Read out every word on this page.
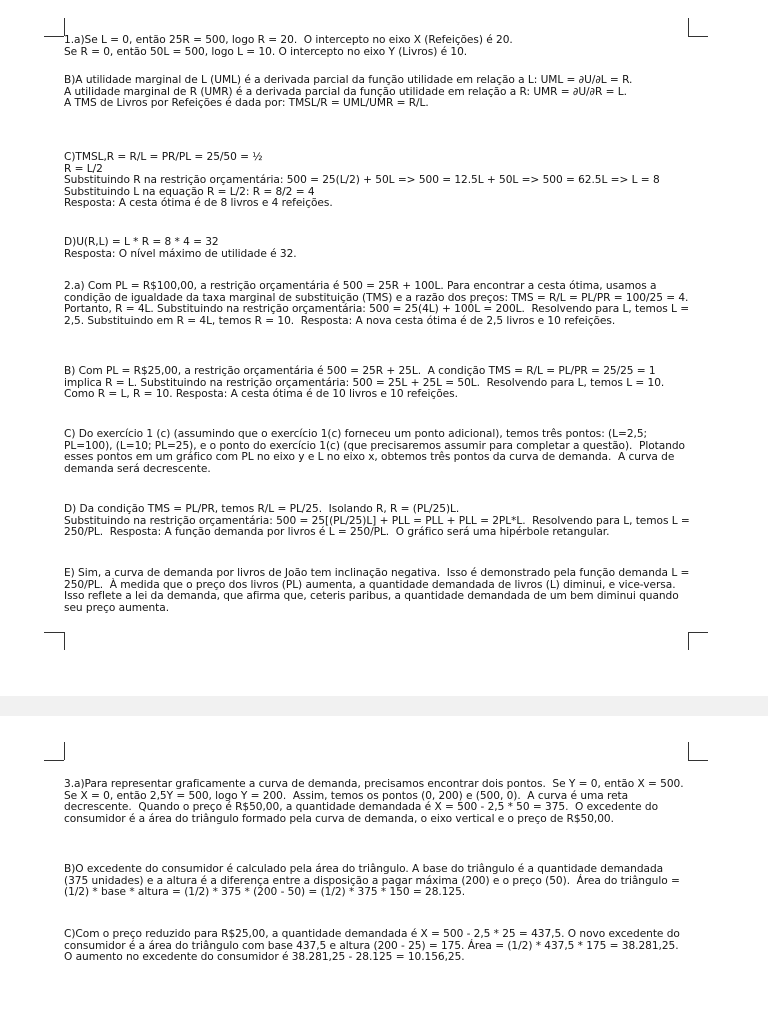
1.a)Se L = 0, então 25R = 500, logo R = 20.  O intercepto no eixo X (Refeições) é 20.
Se R = 0, então 50L = 500, logo L = 10. O intercepto no eixo Y (Livros) é 10.
B)A utilidade marginal de L (UML) é a derivada parcial da função utilidade em relação a L: UML = ∂U/∂L = R.
A utilidade marginal de R (UMR) é a derivada parcial da função utilidade em relação a R: UMR = ∂U/∂R = L.
A TMS de Livros por Refeições é dada por: TMSL/R = UML/UMR = R/L.
C)TMSL,R = R/L = PR/PL = 25/50 = ½
R = L/2
Substituindo R na restrição orçamentária: 500 = 25(L/2) + 50L => 500 = 12.5L + 50L => 500 = 62.5L => L = 8
Substituindo L na equação R = L/2: R = 8/2 = 4
Resposta: A cesta ótima é de 8 livros e 4 refeições.
D)U(R,L) = L * R = 8 * 4 = 32
Resposta: O nível máximo de utilidade é 32.
2.a) Com PL = R$100,00, a restrição orçamentária é 500 = 25R + 100L. Para encontrar a cesta ótima, usamos a condição de igualdade da taxa marginal de substituição (TMS) e a razão dos preços: TMS = R/L = PL/PR = 100/25 = 4.  Portanto, R = 4L. Substituindo na restrição orçamentária: 500 = 25(4L) + 100L = 200L.  Resolvendo para L, temos L = 2,5. Substituindo em R = 4L, temos R = 10.  Resposta: A nova cesta ótima é de 2,5 livros e 10 refeições.
B) Com PL = R$25,00, a restrição orçamentária é 500 = 25R + 25L.  A condição TMS = R/L = PL/PR = 25/25 = 1 implica R = L. Substituindo na restrição orçamentária: 500 = 25L + 25L = 50L.  Resolvendo para L, temos L = 10.  Como R = L, R = 10. Resposta: A cesta ótima é de 10 livros e 10 refeições.
C) Do exercício 1 (c) (assumindo que o exercício 1(c) forneceu um ponto adicional), temos três pontos: (L=2,5; PL=100), (L=10; PL=25), e o ponto do exercício 1(c) (que precisaremos assumir para completar a questão).  Plotando esses pontos em um gráfico com PL no eixo y e L no eixo x, obtemos três pontos da curva de demanda.  A curva de demanda será decrescente.
D) Da condição TMS = PL/PR, temos R/L = PL/25.  Isolando R, R = (PL/25)L.
Substituindo na restrição orçamentária: 500 = 25[(PL/25)L] + PLL = PLL + PLL = 2PL*L.  Resolvendo para L, temos L = 250/PL.  Resposta: A função demanda por livros é L = 250/PL.  O gráfico será uma hipérbole retangular.
E) Sim, a curva de demanda por livros de João tem inclinação negativa.  Isso é demonstrado pela função demanda L = 250/PL.  À medida que o preço dos livros (PL) aumenta, a quantidade demandada de livros (L) diminui, e vice-versa.  Isso reflete a lei da demanda, que afirma que, ceteris paribus, a quantidade demandada de um bem diminui quando seu preço aumenta.
3.a)Para representar graficamente a curva de demanda, precisamos encontrar dois pontos.  Se Y = 0, então X = 500. Se X = 0, então 2,5Y = 500, logo Y = 200.  Assim, temos os pontos (0, 200) e (500, 0).  A curva é uma reta decrescente.  Quando o preço é R$50,00, a quantidade demandada é X = 500 - 2,5 * 50 = 375.  O excedente do consumidor é a área do triângulo formado pela curva de demanda, o eixo vertical e o preço de R$50,00.
B)O excedente do consumidor é calculado pela área do triângulo. A base do triângulo é a quantidade demandada (375 unidades) e a altura é a diferença entre a disposição a pagar máxima (200) e o preço (50).  Área do triângulo = (1/2) * base * altura = (1/2) * 375 * (200 - 50) = (1/2) * 375 * 150 = 28.125.
C)Com o preço reduzido para R$25,00, a quantidade demandada é X = 500 - 2,5 * 25 = 437,5. O novo excedente do consumidor é a área do triângulo com base 437,5 e altura (200 - 25) = 175. Área = (1/2) * 437,5 * 175 = 38.281,25. O aumento no excedente do consumidor é 38.281,25 - 28.125 = 10.156,25.
